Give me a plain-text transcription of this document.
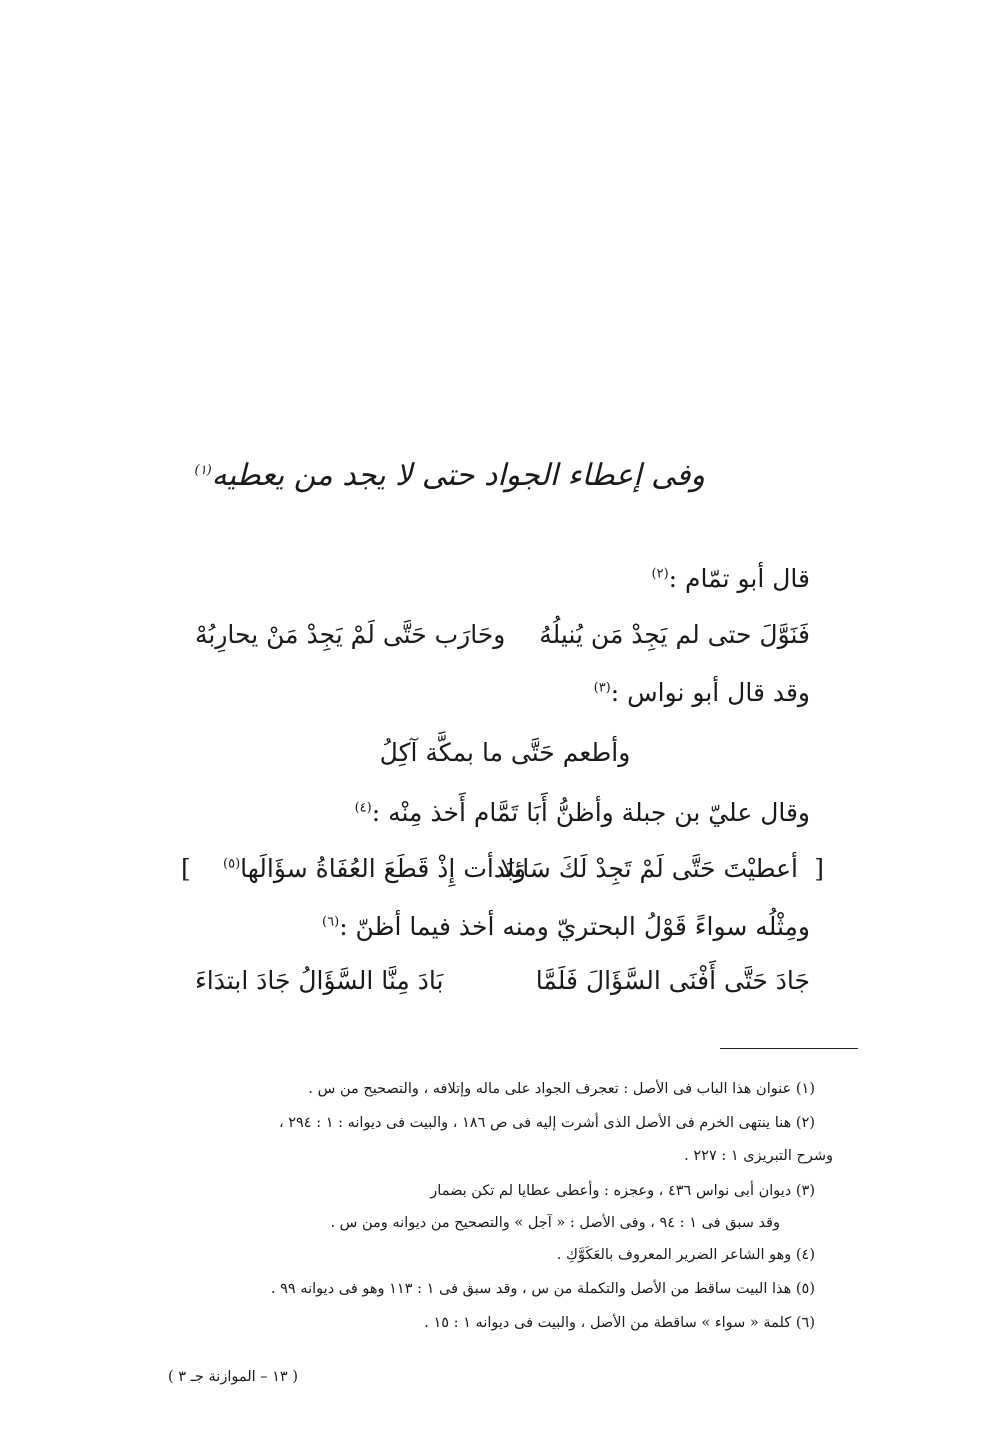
وفى إعطاء الجواد حتى لا يجد من يعطيه$^{(١)}$
قال أبو تمّام :$^{(٢)}$
فَنَوَّلَ حتى لم يَجِدْ مَن يُنيلُهُ
وحَارَب حَتَّى لَمْ يَجِدْ مَنْ يحارِبُهْ
وقد قال أبو نواس :$^{(٣)}$
وأطعم حَتَّى ما بمكَّة آكِلُ
وقال عليّ بن جبلة وأظنُّ أَبَا تَمَّام أَخذ مِنْه :$^{(٤)}$
[
أعطيْتَ حَتَّى لَمْ تَجِدْ لَكَ سَائِلا
وَبَدأت إِذْ قَطَعَ العُفَاةُ سؤَالَها$^{(٥)}$
]
ومِثْلُه سواءً قَوْلُ البحتريّ ومنه أخذ فيما أظنّ :$^{(٦)}$
جَادَ حَتَّى أَفْنَى السَّؤَالَ فَلَمَّا
بَادَ مِنَّا السَّؤَالُ جَادَ ابتدَاءَ
(١) عنوان هذا الباب فى الأصل : تعجرف الجواد على ماله وإتلافه ، والتصحيح من س .
(٢) هنا ينتهى الخرم فى الأصل الذى أشرت إليه فى ص ١٨٦ ، والبيت فى ديوانه : ١ : ٢٩٤ ،
وشرح التبريزى ١ : ٢٢٧ .
(٣) ديوان أبى نواس ٤٣٦ ، وعجزه : وأعطى عطايا لم تكن بضمار
وقد سبق فى ١ : ٩٤ ، وفى الأصل : « آجل » والتصحيح من ديوانه ومن س .
(٤) وهو الشاعر الضرير المعروف بالعَكَوَّكِ .
(٥) هذا البيت ساقط من الأصل والتكملة من س ، وقد سبق فى ١ : ١١٣ وهو فى ديوانه ٩٩ .
(٦) كلمة « سواء » ساقطة من الأصل ، والبيت فى ديوانه ١ : ١٥ .
( ١٣ – الموازنة جـ ٣ )
